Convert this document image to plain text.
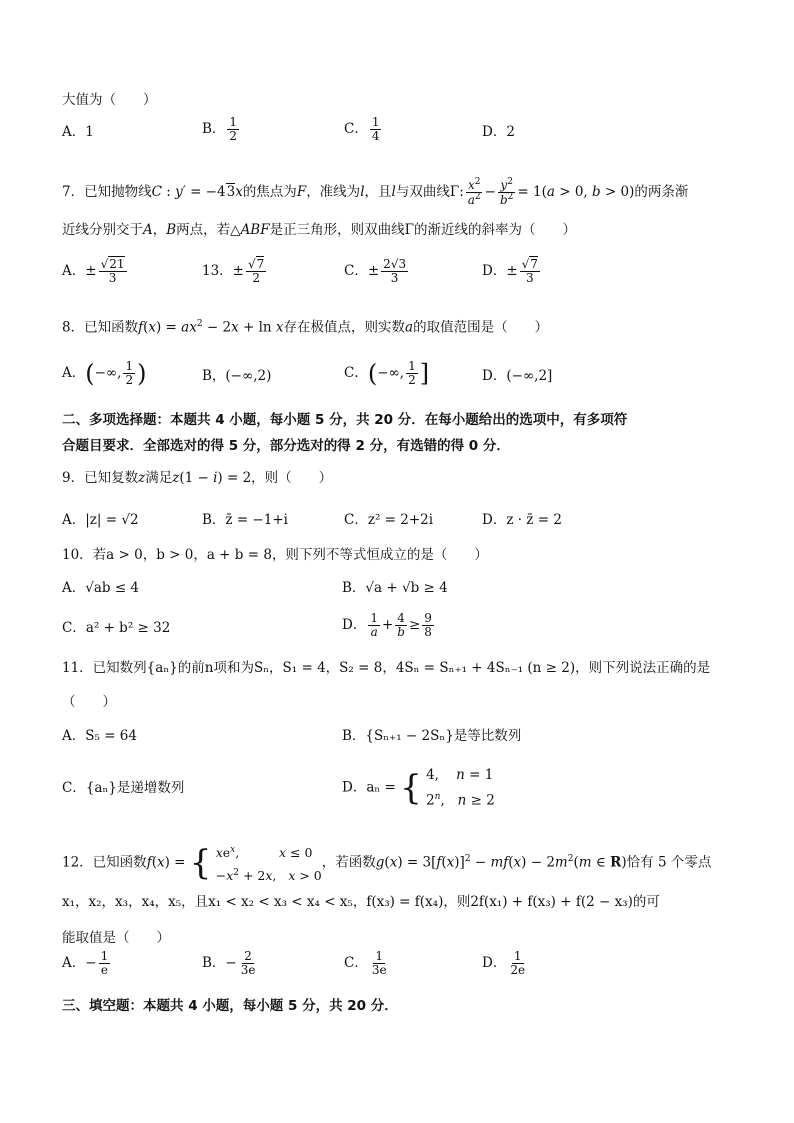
大值为（　　）
A．1	B． $\frac{1}{2}$	C． $\frac{1}{4}$	D．2
7．已知抛物线C : y′ = −43x的焦点为F，准线为l，且l与双曲线Γ: $\frac{x^2}{a^2} - \frac{y^2}{b^2} = 1(a > 0$, b > 0)的两条渐
近线分别交于A，B两点，若△ABF是正三角形，则双曲线Γ的渐近线的斜率为（　　）
A．± $\frac{√21}{3}$	13．± $\frac{√7}{2}$	C．± $\frac{2√3}{3}$	D．± $\frac{√7}{3}$
8．已知函数$f(x) = ax^2 - 2x + \ln x$存在极值点，则实数a的取值范围是（　　）
A．(−∞, $\frac{1}{2}$ )	B，(−∞,2)	C．(−∞, $\frac{1}{2}$ ]	D．(−∞,2]
二、多项选择题：本题共 4 小题，每小题 5 分，共 20 分．在每小题给出的选项中，有多项符
合题目要求．全部选对的得 5 分，部分选对的得 2 分，有选错的得 0 分．
9．已知复数z满足z(1 − i) = 2，则（　　）
A．|z| = √2	B．z̄ = −1+i	C．z² = 2+2i	D．z · z̄ = 2
10．若a > 0，b > 0，a + b = 8，则下列不等式恒成立的是（　　）
A．√ab ≤ 4	B．√a + √b ≥ 4
C．a² + b² ≥ 32	D． $\frac{1}{a} + \frac{4}{b} \ge \frac{9}{8}$
11．已知数列{aₙ}的前n项和为Sₙ，S₁ = 4，S₂ = 8，4Sₙ = Sₙ₊₁ + 4Sₙ₋₁ (n ≥ 2)，则下列说法正确的是
（　　）
A．S₅ = 64	B．{Sₙ₊₁ − 2Sₙ}是等比数列
C．{aₙ}是递增数列	D．aₙ = { 4,    n = 1
2$^n$,   n ≥ 2
12．已知函数f(x) = { $xe^x$,          x ≤ 0
$-x^2 + 2x$,   x > 0，若函数$g(x) = 3[f(x)]^2 - mf(x) - 2m^2(m$ ∈ R)恰有 5 个零点
x₁，x₂，x₃，x₄，x₅，且x₁ < x₂ < x₃ < x₄ < x₅，f(x₃) = f(x₄)，则2f(x₁) + f(x₃) + f(2 − x₃)的可
能取值是（　　）
A．− $\frac{1}{e}$	B．− $\frac{2}{3e}$	C． $\frac{1}{3e}$	D． $\frac{1}{2e}$
三、填空题：本题共 4 小题，每小题 5 分，共 20 分．
